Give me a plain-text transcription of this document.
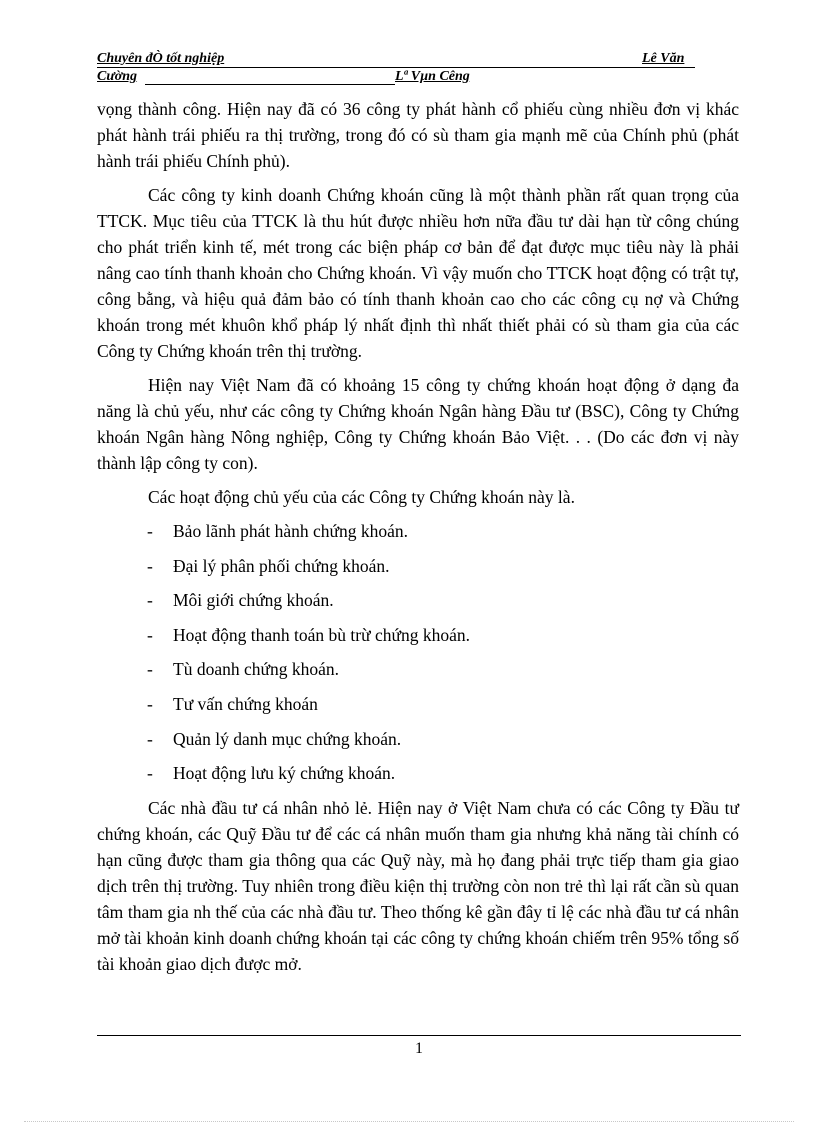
Chuyên đÒ tốt nghiệp	Lê Văn
Cường	Lª Vµn Cêng

vọng thành công. Hiện nay đã có 36 công ty phát hành cổ phiếu cùng nhiều đơn vị khác phát hành trái phiếu ra thị trường, trong đó có sù tham gia mạnh mẽ của Chính phủ (phát hành trái phiếu Chính phủ).

Các công ty kinh doanh Chứng khoán cũng là một thành phần rất quan trọng của TTCK. Mục tiêu của TTCK là thu hút được nhiều hơn nữa đầu tư dài hạn từ công chúng cho phát triển kinh tế, mét trong các biện pháp cơ bản để đạt được mục tiêu này là phải nâng cao tính thanh khoản cho Chứng khoán. Vì vậy muốn cho TTCK hoạt động có trật tự, công bằng, và hiệu quả đảm bảo có tính thanh khoản cao cho các công cụ nợ và Chứng khoán trong mét khuôn khổ pháp lý nhất định thì nhất thiết phải có sù tham gia của các Công ty Chứng khoán trên thị trường.

Hiện nay Việt Nam đã có khoảng 15 công ty chứng khoán hoạt động ở dạng đa năng là chủ yếu, như các công ty Chứng khoán Ngân hàng Đầu tư (BSC), Công ty Chứng khoán Ngân hàng Nông nghiệp, Công ty Chứng khoán Bảo Việt. . . (Do các đơn vị này thành lập công ty con).

Các hoạt động chủ yếu của các Công ty Chứng khoán này là.

- Bảo lãnh phát hành chứng khoán.
- Đại lý phân phối chứng khoán.
- Môi giới chứng khoán.
- Hoạt động thanh toán bù trừ chứng khoán.
- Tù doanh chứng khoán.
- Tư vấn chứng khoán
- Quản lý danh mục chứng khoán.
- Hoạt động lưu ký chứng khoán.

Các nhà đầu tư cá nhân nhỏ lẻ. Hiện nay ở Việt Nam chưa có các Công ty Đầu tư chứng khoán, các Quỹ Đầu tư để các cá nhân muốn tham gia nhưng khả năng tài chính có hạn cũng được tham gia thông qua các Quỹ này, mà họ đang phải trực tiếp tham gia giao dịch trên thị trường. Tuy nhiên trong điều kiện thị trường còn non trẻ thì lại rất cần sù quan tâm tham gia nh thế của các nhà đầu tư. Theo thống kê gần đây tỉ lệ các nhà đầu tư cá nhân mở tài khoản kinh doanh chứng khoán tại các công ty chứng khoán chiếm trên 95% tổng số tài khoản giao dịch được mở.

1
